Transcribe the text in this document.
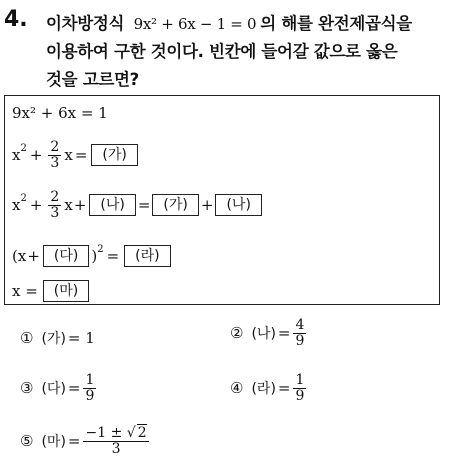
4. 이차방정식 9x² + 6x − 1 = 0 의 해를 완전제곱식을
이용하여 구한 것이다. 빈칸에 들어갈 값으로 옳은
것을 고르면?
9x² + 6x = 1
x $2 + \frac{2}{3}$ x =	(가)
x $2 + \frac{2}{3}$ x +	(나) = (가) + (나)
(x +	(다) ) 2 =	(라)
x =	(마)
① (가) = 1	② (나) = $\frac{4}{9}$
③ (다) = $\frac{1}{9}$	④ (라) = $\frac{1}{9}$
⑤ (마) = $\frac{-1 \pm √ 2}{3}$
